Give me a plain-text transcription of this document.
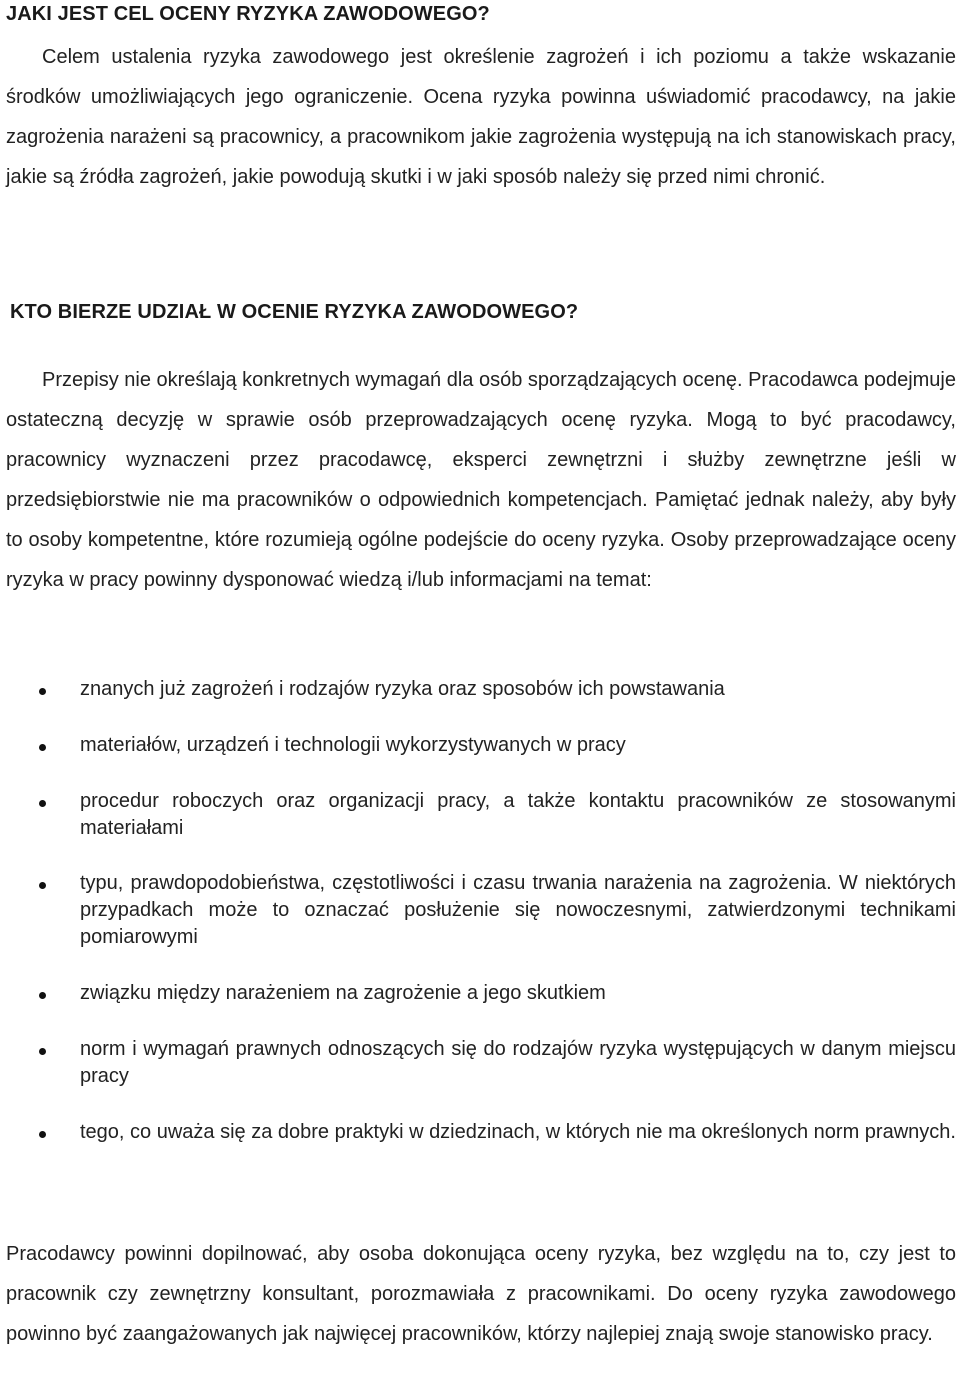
JAKI JEST CEL OCENY RYZYKA ZAWODOWEGO?

Celem ustalenia ryzyka zawodowego jest określenie zagrożeń i ich poziomu a także wskazanie środków umożliwiających jego ograniczenie. Ocena ryzyka powinna uświadomić pracodawcy, na jakie zagrożenia narażeni są pracownicy, a pracownikom jakie zagrożenia występują na ich stanowiskach pracy, jakie są źródła zagrożeń, jakie powodują skutki i w jaki sposób należy się przed nimi chronić.

KTO BIERZE UDZIAŁ W OCENIE RYZYKA ZAWODOWEGO?

Przepisy nie określają konkretnych wymagań dla osób sporządzających ocenę. Pracodawca podejmuje ostateczną decyzję w sprawie osób przeprowadzających ocenę ryzyka. Mogą to być pracodawcy, pracownicy wyznaczeni przez pracodawcę, eksperci zewnętrzni i służby zewnętrzne jeśli w przedsiębiorstwie nie ma pracowników o odpowiednich kompetencjach. Pamiętać jednak należy, aby były to osoby kompetentne, które rozumieją ogólne podejście do oceny ryzyka. Osoby przeprowadzające oceny ryzyka w pracy powinny dysponować wiedzą i/lub informacjami na temat:

znanych już zagrożeń i rodzajów ryzyka oraz sposobów ich powstawania
materiałów, urządzeń i technologii wykorzystywanych w pracy
procedur roboczych oraz organizacji pracy, a także kontaktu pracowników ze stosowanymi materiałami
typu, prawdopodobieństwa, częstotliwości i czasu trwania narażenia na zagrożenia. W niektórych przypadkach może to oznaczać posłużenie się nowoczesnymi, zatwierdzonymi technikami pomiarowymi
związku między narażeniem na zagrożenie a jego skutkiem
norm i wymagań prawnych odnoszących się do rodzajów ryzyka występujących w danym miejscu pracy
tego, co uważa się za dobre praktyki w dziedzinach, w których nie ma określonych norm prawnych.

Pracodawcy powinni dopilnować, aby osoba dokonująca oceny ryzyka, bez względu na to, czy jest to pracownik czy zewnętrzny konsultant, porozmawiała z pracownikami. Do oceny ryzyka zawodowego powinno być zaangażowanych jak najwięcej pracowników, którzy najlepiej znają swoje stanowisko pracy.
